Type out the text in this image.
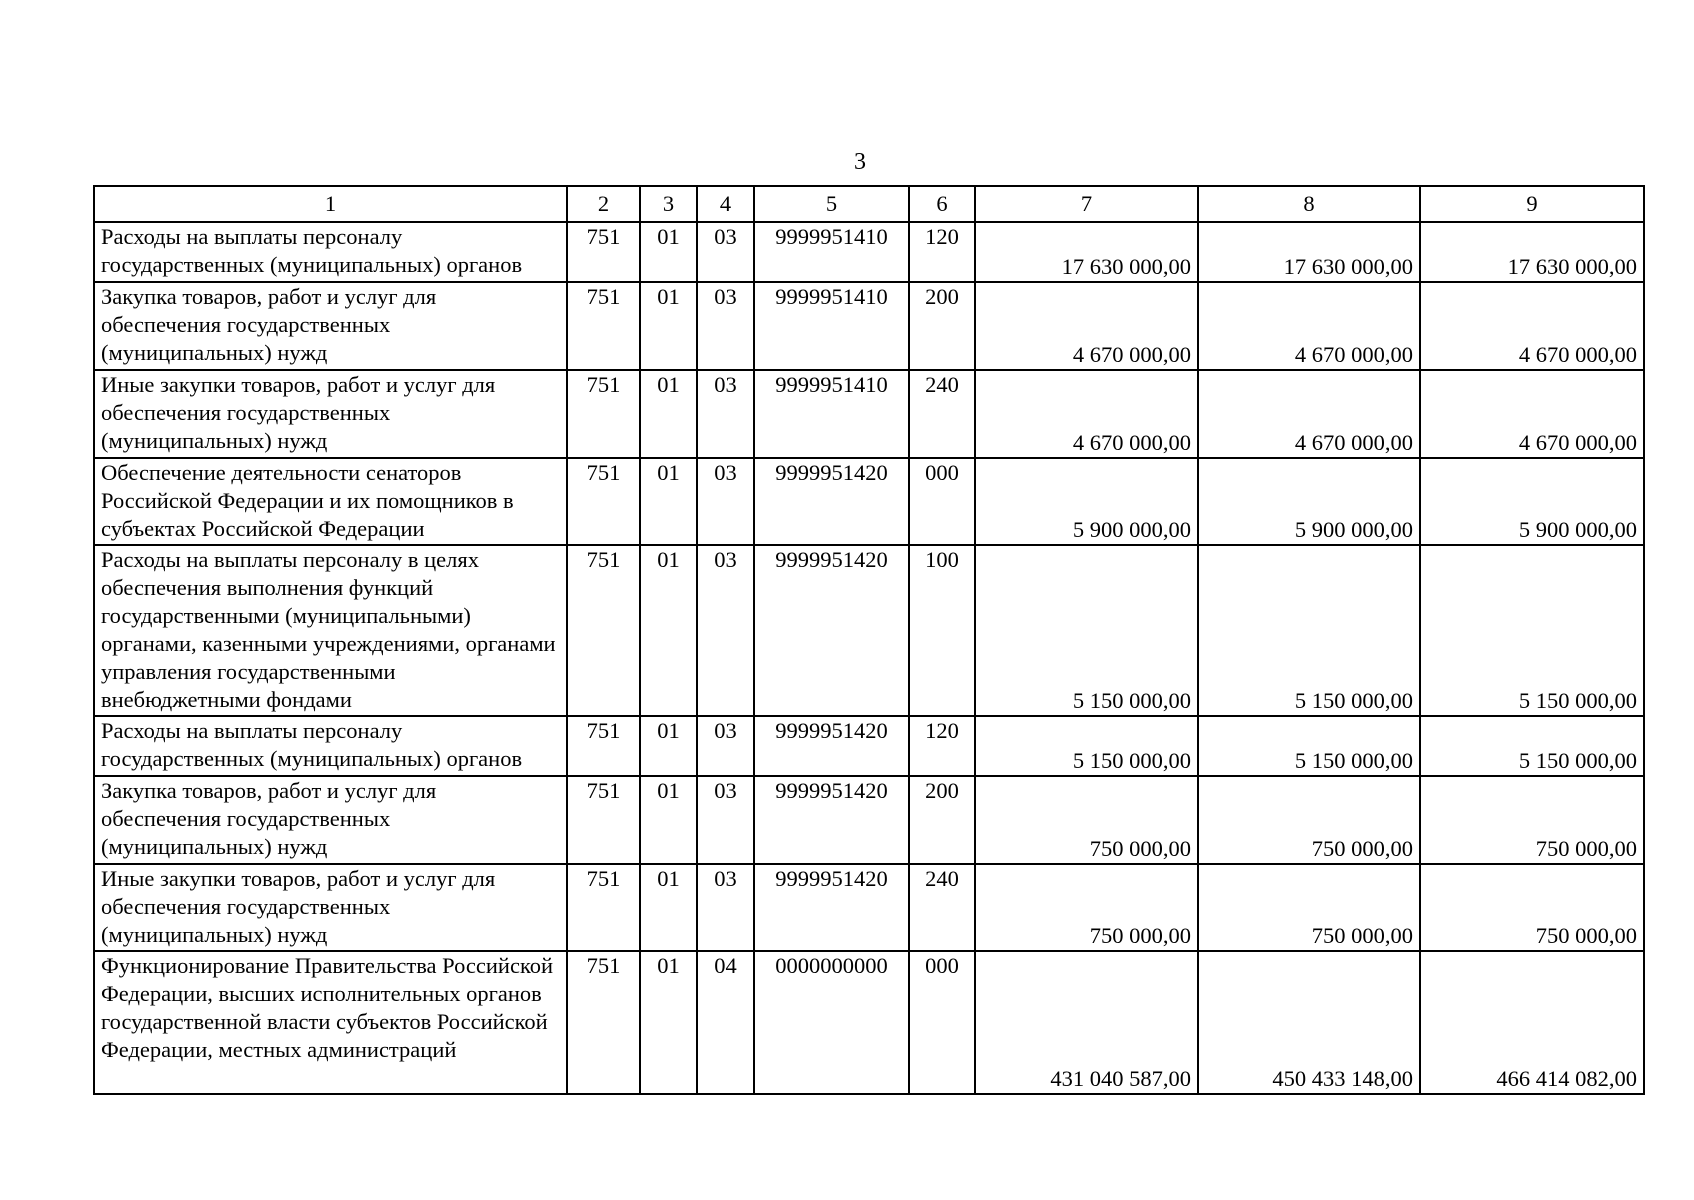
3
1	2	3	4	5	6	7	8	9
Расходы на выплаты персоналу государственных (муниципальных) органов	751	01	03	9999951410	120	17 630 000,00	17 630 000,00	17 630 000,00
Закупка товаров, работ и услуг для обеспечения государственных (муниципальных) нужд	751	01	03	9999951410	200	4 670 000,00	4 670 000,00	4 670 000,00
Иные закупки товаров, работ и услуг для обеспечения государственных (муниципальных) нужд	751	01	03	9999951410	240	4 670 000,00	4 670 000,00	4 670 000,00
Обеспечение деятельности сенаторов Российской Федерации и их помощников в субъектах Российской Федерации	751	01	03	9999951420	000	5 900 000,00	5 900 000,00	5 900 000,00
Расходы на выплаты персоналу в целях обеспечения выполнения функций государственными (муниципальными) органами, казенными учреждениями, органами управления государственными внебюджетными фондами	751	01	03	9999951420	100	5 150 000,00	5 150 000,00	5 150 000,00
Расходы на выплаты персоналу государственных (муниципальных) органов	751	01	03	9999951420	120	5 150 000,00	5 150 000,00	5 150 000,00
Закупка товаров, работ и услуг для обеспечения государственных (муниципальных) нужд	751	01	03	9999951420	200	750 000,00	750 000,00	750 000,00
Иные закупки товаров, работ и услуг для обеспечения государственных (муниципальных) нужд	751	01	03	9999951420	240	750 000,00	750 000,00	750 000,00
Функционирование Правительства Российской Федерации, высших исполнительных органов государственной власти субъектов Российской Федерации, местных администраций	751	01	04	0000000000	000	431 040 587,00	450 433 148,00	466 414 082,00
